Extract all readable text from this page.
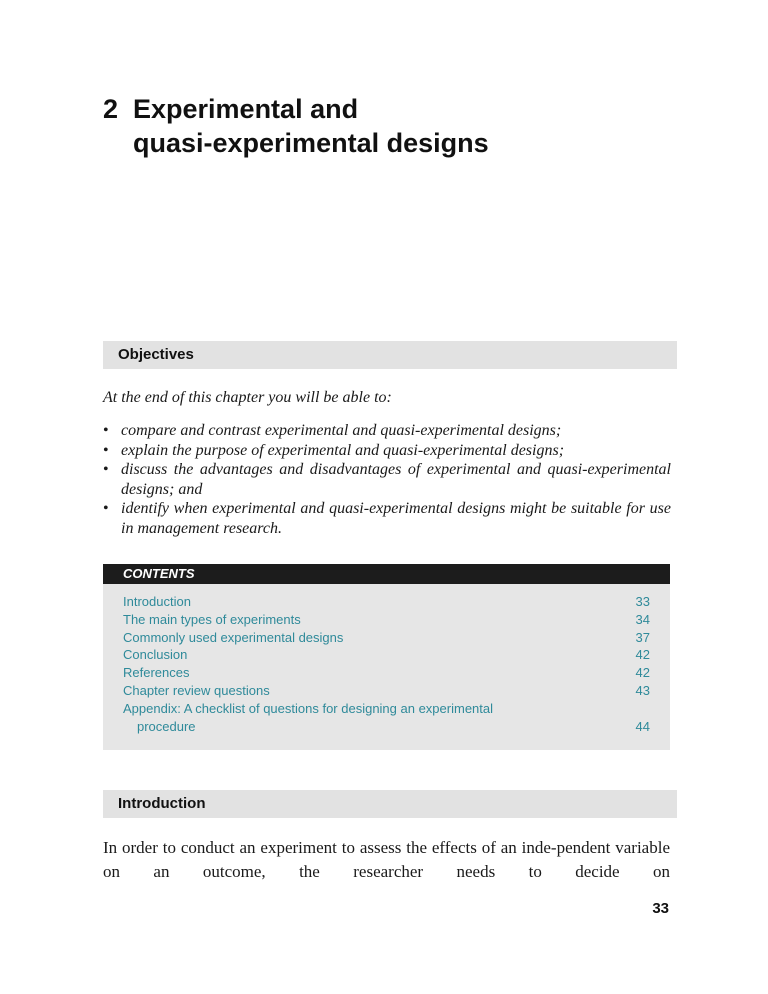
2 Experimental and
quasi-experimental designs
Objectives

At the end of this chapter you will be able to:

• compare and contrast experimental and quasi-experimental designs;
• explain the purpose of experimental and quasi-experimental designs;
• discuss the advantages and disadvantages of experimental and quasi-experimental designs; and
• identify when experimental and quasi-experimental designs might be suitable for use in management research.
CONTENTS
Introduction	33
The main types of experiments	34
Commonly used experimental designs	37
Conclusion	42
References	42
Chapter review questions	43
Appendix: A checklist of questions for designing an experimental
procedure	44
Introduction

In order to conduct an experiment to assess the effects of an inde-pendent variable on an outcome, the researcher needs to decide on

33
